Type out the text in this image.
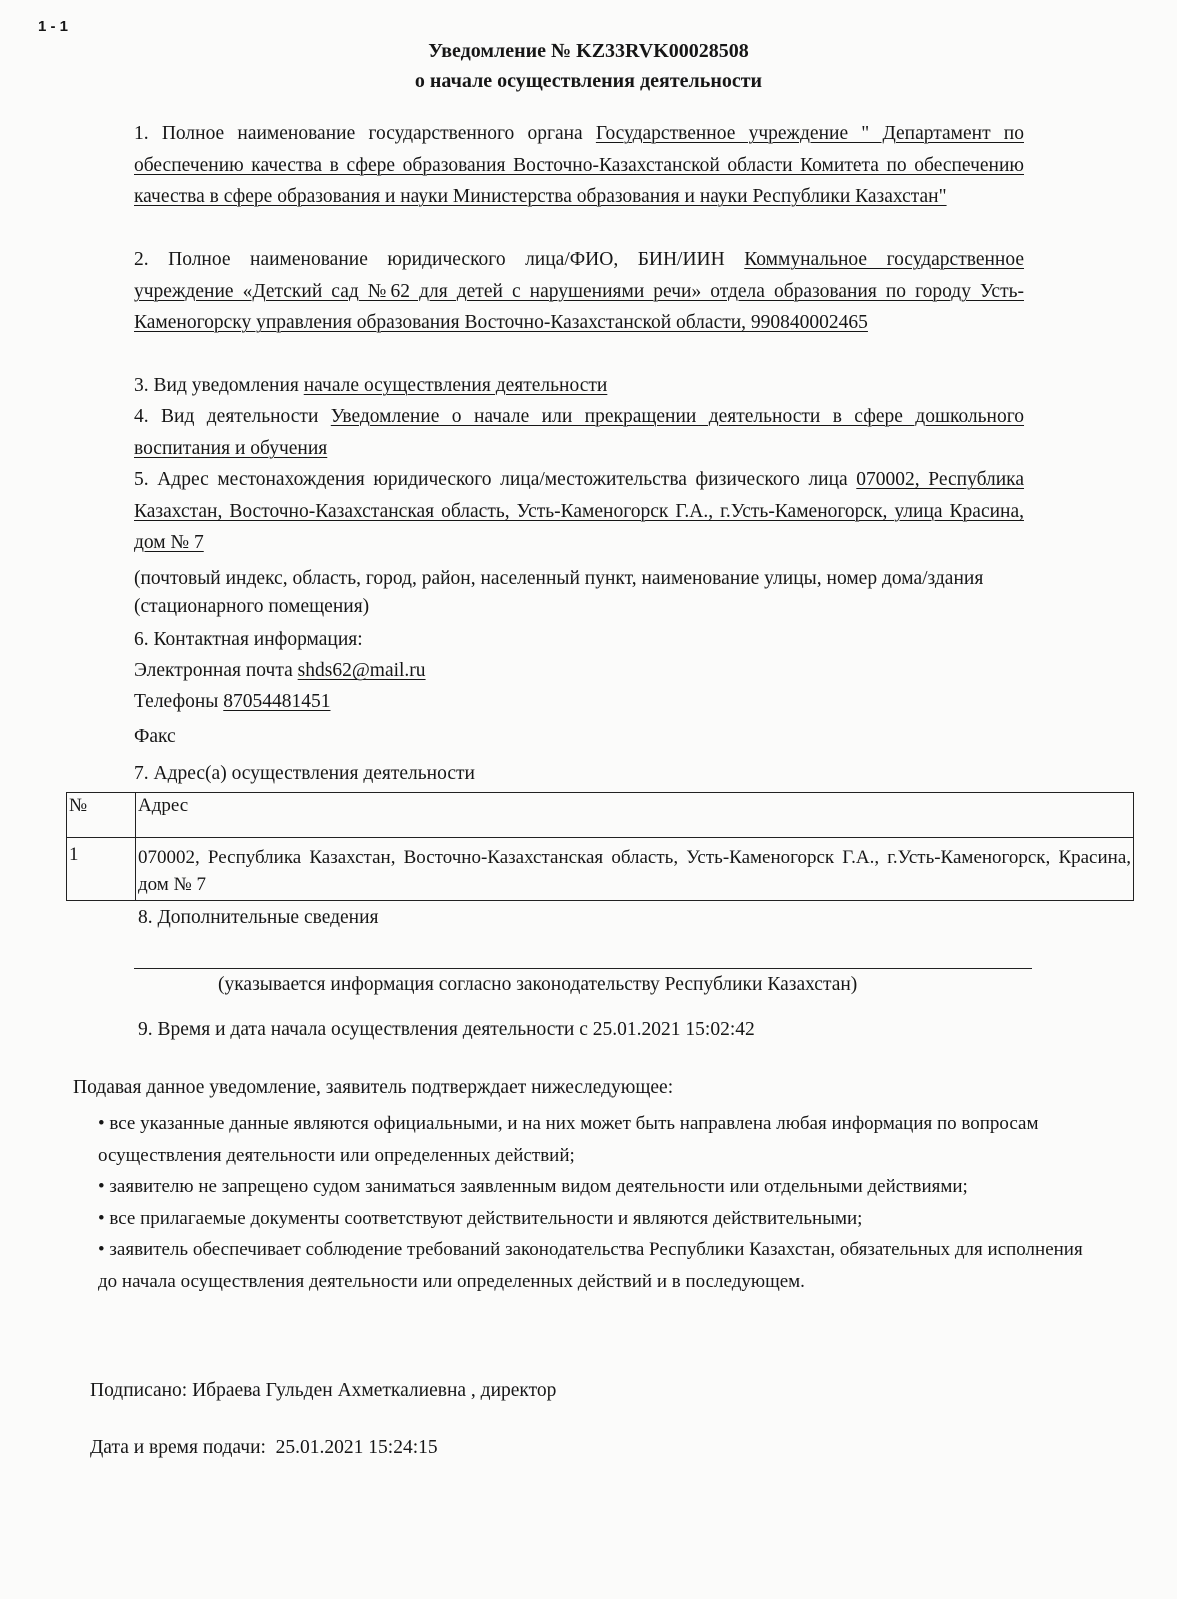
1 - 1
Уведомление № KZ33RVK00028508
о начале осуществления деятельности
1. Полное наименование государственного органа Государственное учреждение " Департамент по обеспечению качества в сфере образования Восточно-Казахстанской области Комитета по обеспечению качества в сфере образования и науки Министерства образования и науки Республики Казахстан"
2. Полное наименование юридического лица/ФИО, БИН/ИИН Коммунальное государственное учреждение «Детский сад №62 для детей с нарушениями речи» отдела образования по городу Усть-Каменогорску управления образования Восточно-Казахстанской области, 990840002465
3. Вид уведомления начале осуществления деятельности
4. Вид деятельности Уведомление о начале или прекращении деятельности в сфере дошкольного воспитания и обучения
5. Адрес местонахождения юридического лица/местожительства физического лица 070002, Республика Казахстан, Восточно-Казахстанская область, Усть-Каменогорск Г.А., г.Усть-Каменогорск, улица Красина, дом № 7
(почтовый индекс, область, город, район, населенный пункт, наименование улицы, номер дома/здания (стационарного помещения)
6. Контактная информация:
Электронная почта shds62@mail.ru
Телефоны 87054481451
Факс
7. Адрес(а) осуществления деятельности
№	Адрес
1	070002, Республика Казахстан, Восточно-Казахстанская область, Усть-Каменогорск Г.А., г.Усть-Каменогорск, Красина, дом № 7
8. Дополнительные сведения
(указывается информация согласно законодательству Республики Казахстан)
9. Время и дата начала осуществления деятельности с 25.01.2021 15:02:42
Подавая данное уведомление, заявитель подтверждает нижеследующее:

• все указанные данные являются официальными, и на них может быть направлена любая информация по вопросам осуществления деятельности или определенных действий;

• заявителю не запрещено судом заниматься заявленным видом деятельности или отдельными действиями;

• все прилагаемые документы соответствуют действительности и являются действительными;

• заявитель обеспечивает соблюдение требований законодательства Республики Казахстан, обязательных для исполнения до начала осуществления деятельности или определенных действий и в последующем.

Подписано: Ибраева Гульден Ахметкалиевна , директор
Дата и время подачи:  25.01.2021 15:24:15
